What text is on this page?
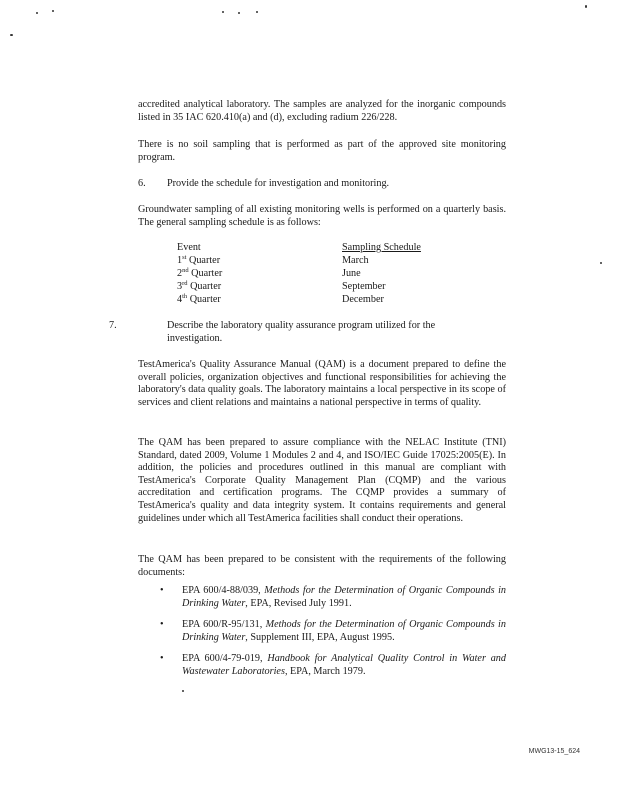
accredited analytical laboratory. The samples are analyzed for the inorganic compounds listed in 35 IAC 620.410(a) and (d), excluding radium 226/228.

There is no soil sampling that is performed as part of the approved site monitoring program.

6. Provide the schedule for investigation and monitoring.

Groundwater sampling of all existing monitoring wells is performed on a quarterly basis. The general sampling schedule is as follows:

Event	Sampling Schedule
1st Quarter	March
2nd Quarter	June
3rd Quarter	September
4th Quarter	December

7.	Describe the laboratory quality assurance program utilized for the investigation.

TestAmerica's Quality Assurance Manual (QAM) is a document prepared to define the overall policies, organization objectives and functional responsibilities for achieving the laboratory's data quality goals. The laboratory maintains a local perspective in its scope of services and client relations and maintains a national perspective in terms of quality.

The QAM has been prepared to assure compliance with the NELAC Institute (TNI) Standard, dated 2009, Volume 1 Modules 2 and 4, and ISO/IEC Guide 17025:2005(E). In addition, the policies and procedures outlined in this manual are compliant with TestAmerica's Corporate Quality Management Plan (CQMP) and the various accreditation and certification programs. The CQMP provides a summary of TestAmerica's quality and data integrity system. It contains requirements and general guidelines under which all TestAmerica facilities shall conduct their operations.

The QAM has been prepared to be consistent with the requirements of the following documents:

•	EPA 600/4-88/039, Methods for the Determination of Organic Compounds in Drinking Water, EPA, Revised July 1991.
•	EPA 600/R-95/131, Methods for the Determination of Organic Compounds in Drinking Water, Supplement III, EPA, August 1995.
•	EPA 600/4-79-019, Handbook for Analytical Quality Control in Water and Wastewater Laboratories, EPA, March 1979.
MWG13-15_624
